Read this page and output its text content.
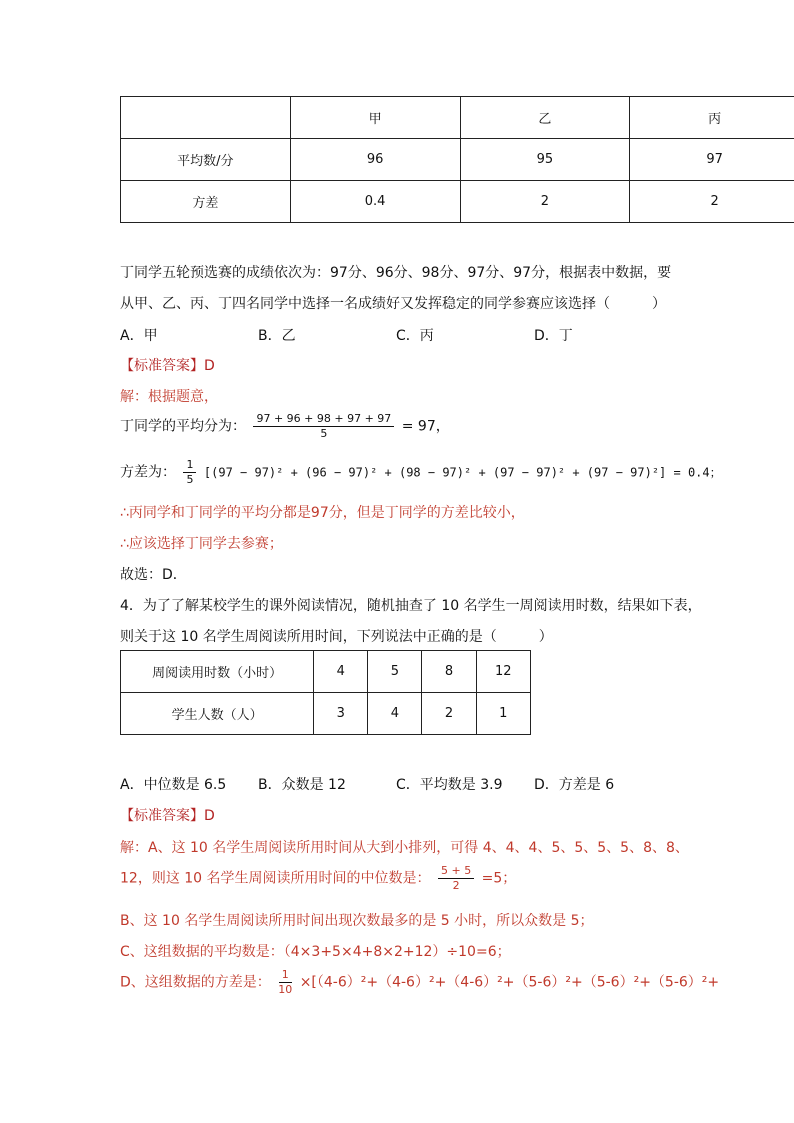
	甲	乙	丙
平均数/分	96	95	97
方差	0.4	2	2
丁同学五轮预选赛的成绩依次为：97分、96分、98分、97分、97分，根据表中数据，要
从甲、乙、丙、丁四名同学中选择一名成绩好又发挥稳定的同学参赛应该选择（　　　）
A．甲	B．乙	C．丙	D．丁
【标准答案】D
解：根据题意，
丁同学的平均分为： $\frac{97 + 96 + 98 + 97 + 97}{5} = 97$，
方差为： $\frac{1}{5} [(97 - 97)^2 + (96 - 97)^2 + (98 - 97)^2 + (97 - 97)^2 + (97 - 97)^2] = 0.4$；
∴丙同学和丁同学的平均分都是97分，但是丁同学的方差比较小，
∴应该选择丁同学去参赛；
故选：D．
4．为了了解某校学生的课外阅读情况，随机抽查了 10 名学生一周阅读用时数，结果如下表，
则关于这 10 名学生周阅读所用时间，下列说法中正确的是（　　　）
周阅读用时数（小时）	4	5	8	12
学生人数（人）	3	4	2	1
A．中位数是 6.5 B．众数是 12	C．平均数是 3.9 D．方差是 6
【标准答案】D
解：A、这 10 名学生周阅读所用时间从大到小排列，可得 4、4、4、5、5、5、5、8、8、
12，则这 10 名学生周阅读所用时间的中位数是： $\frac{5 + 5}{2} =5$；
B、这 10 名学生周阅读所用时间出现次数最多的是 5 小时，所以众数是 5；
C、这组数据的平均数是：（4×3+5×4+8×2+12）÷10=6；
D、这组数据的方差是： $\frac{1}{10} \times[(4-6)^2+(4-6)^2+(4-6)^2+(5-6)^2+(5-6)^2+(5-6)^2+$
